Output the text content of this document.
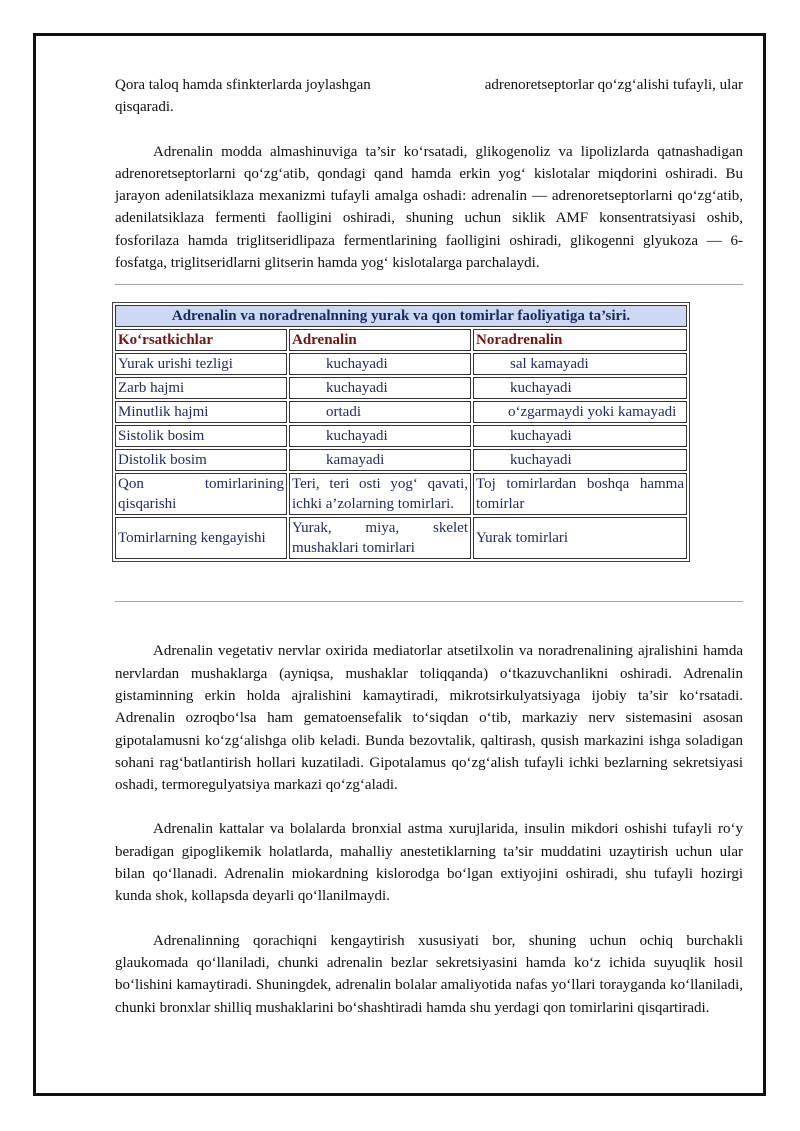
Qora taloq hamda sfinkterlarda joylashgan	adrenoretseptorlar qo‘zg‘alishi tufayli, ular

qisqaradi.

Adrenalin modda almashinuviga ta’sir ko‘rsatadi, glikogenoliz va lipolizlarda qatnashadigan adrenoretseptorlarni qo‘zg‘atib, qondagi qand hamda erkin yog‘ kislotalar miqdorini oshiradi. Bu jarayon adenilatsiklaza mexanizmi tufayli amalga oshadi: adrenalin — adrenoretseptorlarni qo‘zg‘atib, adenilatsiklaza fermenti faolligini oshiradi, shuning uchun siklik AMF konsentratsiyasi oshib, fosforilaza hamda triglitseridlipaza fermentlarining faolligini oshiradi, glikogenni glyukoza — 6-fosfatga, triglitseridlarni glitserin hamda yog‘ kislotalarga parchalaydi.

Adrenalin va noradrenalnning yurak va qon tomirlar faoliyatiga ta’siri.		
Ko‘rsatkichlar	Adrenalin	Noradrenalin
Yurak urishi tezligi	kuchayadi	sal kamayadi
Zarb hajmi	kuchayadi	kuchayadi
Minutlik hajmi	ortadi	o‘zgarmaydi yoki kamayadi
Sistolik bosim	kuchayadi	kuchayadi
Distolik bosim	kamayadi	kuchayadi
Qon tomirlarining qisqarishi	Teri, teri osti yog‘ qavati, ichki a’zolarning tomirlari.	Toj tomirlardan boshqa hamma tomirlar
Tomirlarning kengayishi	Yurak, miya, skelet mushaklari tomirlari	Yurak tomirlari

Adrenalin vegetativ nervlar oxirida mediatorlar atsetilxolin va noradrenalining ajralishini hamda nervlardan mushaklarga (ayniqsa, mushaklar toliqqanda) o‘tkazuvchanlikni oshiradi. Adrenalin gistaminning erkin holda ajralishini kamaytiradi, mikrotsirkulyatsiyaga ijobiy ta’sir ko‘rsatadi. Adrenalin ozroqbo‘lsa ham gematoensefalik to‘siqdan o‘tib, markaziy nerv sistemasini asosan gipotalamusni ko‘zg‘alishga olib keladi. Bunda bezovtalik, qaltirash, qusish markazini ishga soladigan sohani rag‘batlantirish hollari kuzatiladi. Gipotalamus qo‘zg‘alish tufayli ichki bezlarning sekretsiyasi oshadi, termoregulyatsiya markazi qo‘zg‘aladi.

Adrenalin kattalar va bolalarda bronxial astma xurujlarida, insulin mikdori oshishi tufayli ro‘y beradigan gipoglikemik holatlarda, mahalliy anestetiklarning ta’sir muddatini uzaytirish uchun ular bilan qo‘llanadi. Adrenalin miokardning kislorodga bo‘lgan extiyojini oshiradi, shu tufayli hozirgi kunda shok, kollapsda deyarli qo‘llanilmaydi.

Adrenalinning qorachiqni kengaytirish xususiyati bor, shuning uchun ochiq burchakli glaukomada qo‘llaniladi, chunki adrenalin bezlar sekretsiyasini hamda ko‘z ichida suyuqlik hosil bo‘lishini kamaytiradi. Shuningdek, adrenalin bolalar amaliyotida nafas yo‘llari torayganda ko‘llaniladi, chunki bronxlar shilliq mushaklarini bo‘shashtiradi hamda shu yerdagi qon tomirlarini qisqartiradi.
